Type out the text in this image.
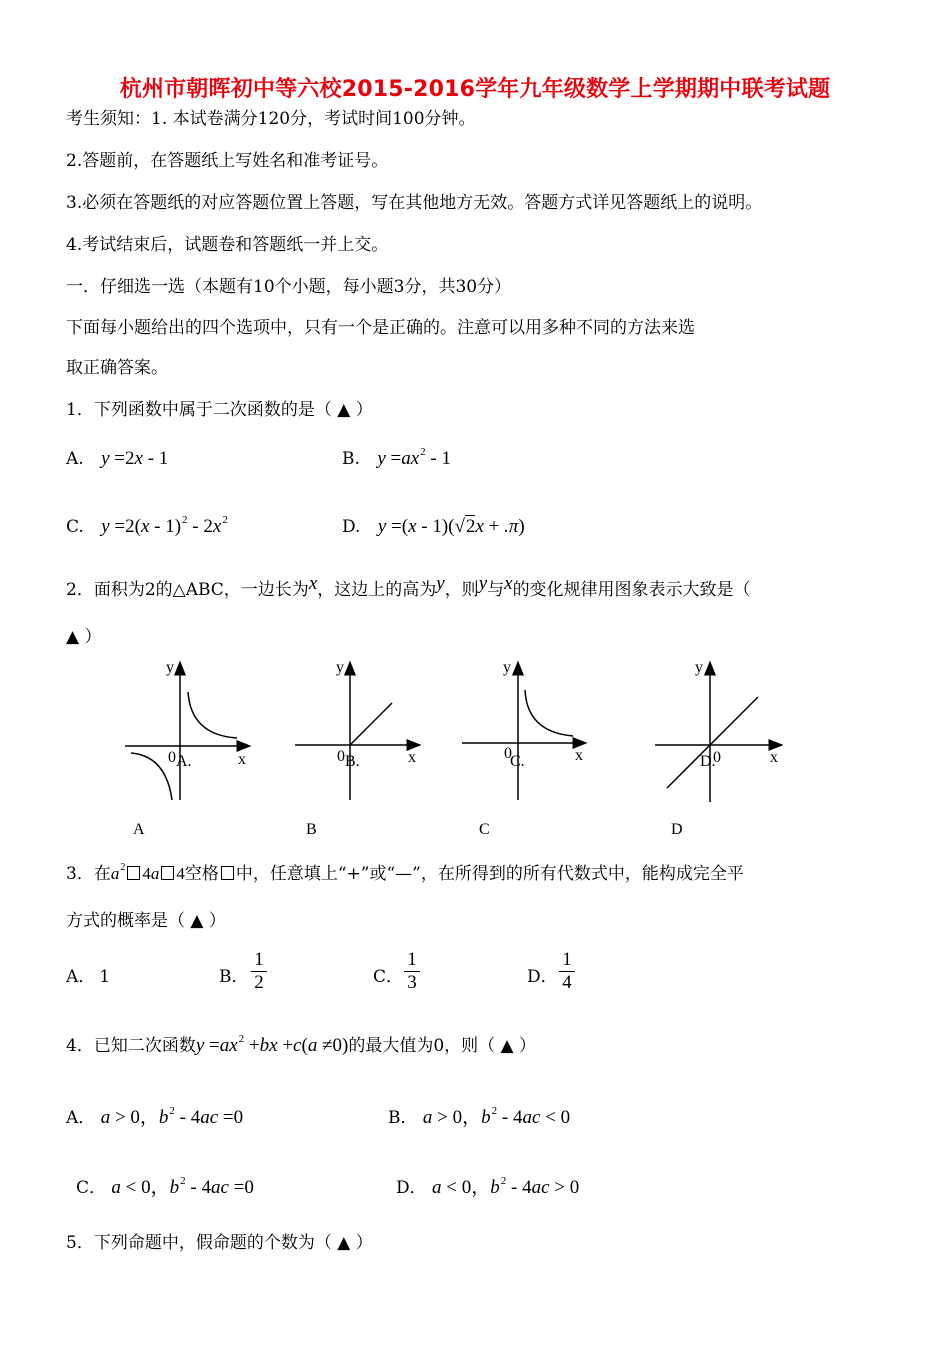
杭州市朝晖初中等六校2015-2016学年九年级数学上学期期中联考试题
考生须知：1. 本试卷满分120分，考试时间100分钟。
2.答题前，在答题纸上写姓名和准考证号。
3.必须在答题纸的对应答题位置上答题，写在其他地方无效。答题方式详见答题纸上的说明。
4.考试结束后，试题卷和答题纸一并上交。
一．仔细选一选（本题有10个小题，每小题3分，共30分）
下面每小题给出的四个选项中，只有一个是正确的。注意可以用多种不同的方法来选
取正确答案。
1．下列函数中属于二次函数的是（ ▲ ）
A. y =2x - 1	B. $y =ax^2 - 1$
C. $y =2(x - 1)^2 - 2x^2$	D. y =(x - 1)(√2x + .π)
2．面积为2的△ABC，一边长为x，这边上的高为y，则y与x的变化规律用图象表示大致是（
▲ ）
y
x
0 A.
A
y
x
0 B.
B
y
x
0
C.
C
y
x
0
D.
D
3．在$a^2$ 4a 4空格 中，任意填上“+”或“—”，在所得到的所有代数式中，能构成完全平
方式的概率是（ ▲ ）
A． 1	B．
1
2	C．
1
3	D．
1
4
4．已知二次函数$y =ax^2 +bx +c(a \ne 0)$的最大值为0，则（ ▲ ）
A． a > 0，$b^2 - 4ac =0$	B． a > 0，$b^2 - 4ac < 0$
C． a < 0，$b^2 - 4ac =0$	D． a < 0，$b^2 - 4ac > 0$
5．下列命题中，假命题的个数为（ ▲ ）
